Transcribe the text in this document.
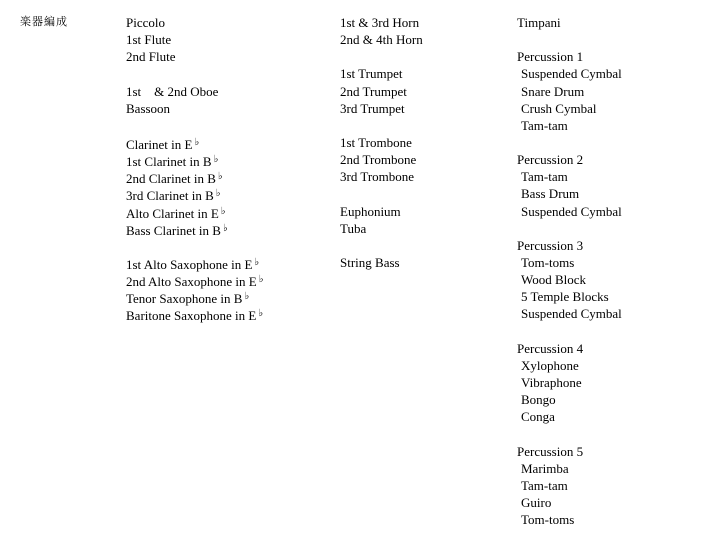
楽器編成	Piccolo
1st Flute
2nd Flute
1st　& 2nd Oboe
Bassoon
Clarinet in E ♭
1st Clarinet in B ♭
2nd Clarinet in B ♭
3rd Clarinet in B ♭
Alto Clarinet in E ♭
Bass Clarinet in B ♭
1st Alto Saxophone in E ♭
2nd Alto Saxophone in E ♭
Tenor Saxophone in B ♭
Baritone Saxophone in E ♭
1st & 3rd Horn
2nd & 4th Horn
1st Trumpet
2nd Trumpet
3rd Trumpet
1st Trombone
2nd Trombone
3rd Trombone
Euphonium
Tuba
String Bass
Timpani
Percussion 1
Suspended Cymbal
Snare Drum
Crush Cymbal
Tam-tam
Percussion 2
Tam-tam
Bass Drum
Suspended Cymbal
Percussion 3
Tom-toms
Wood Block
5 Temple Blocks
Suspended Cymbal
Percussion 4
Xylophone
Vibraphone
Bongo
Conga
Percussion 5
Marimba
Tam-tam
Guiro
Tom-toms
